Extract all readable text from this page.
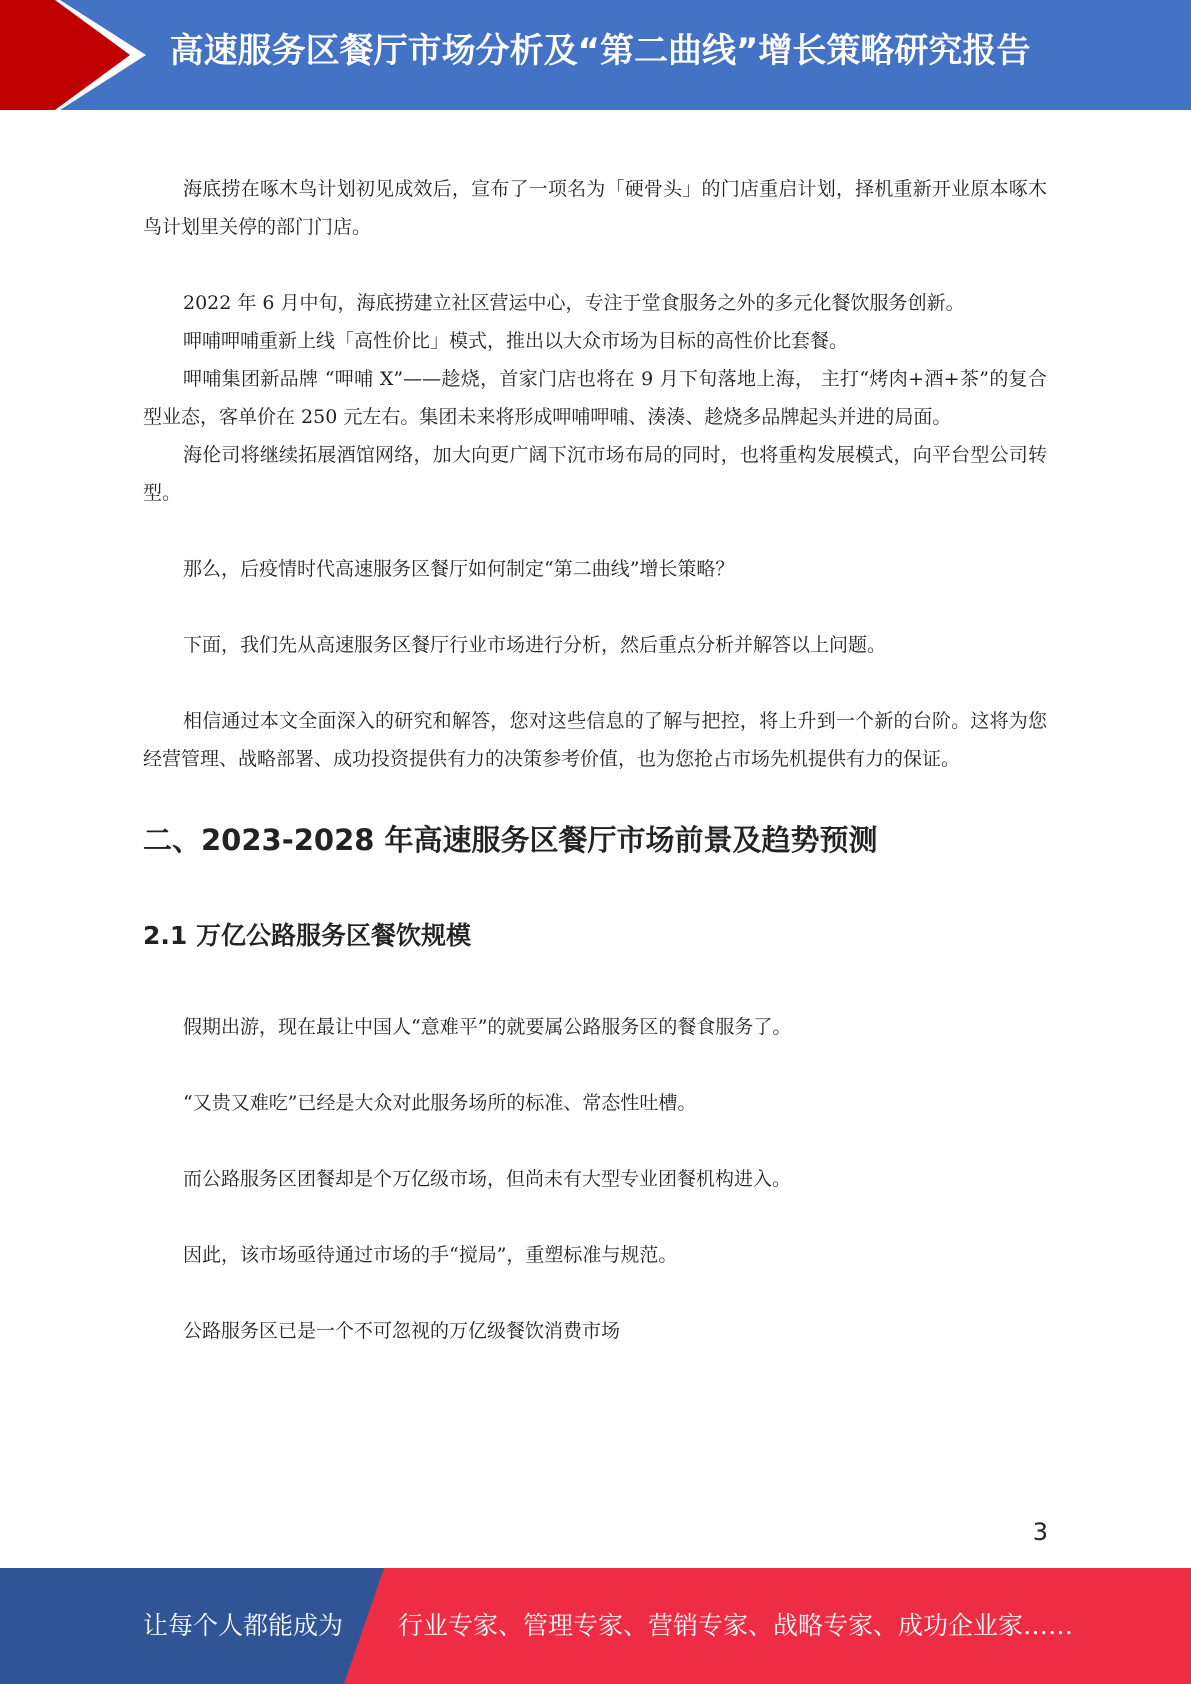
高速服务区餐厅市场分析及“第二曲线”增长策略研究报告

海底捞在啄木鸟计划初见成效后，宣布了一项名为「硬骨头」的门店重启计划，择机重新开业原本啄木鸟计划里关停的部门门店。

2022 年 6 月中旬，海底捞建立社区营运中心，专注于堂食服务之外的多元化餐饮服务创新。

呷哺呷哺重新上线「高性价比」模式，推出以大众市场为目标的高性价比套餐。

呷哺集团新品牌 “呷哺 X”——趁烧，首家门店也将在 9 月下旬落地上海， 主打“烤肉+酒+茶”的复合型业态，客单价在 250 元左右。集团未来将形成呷哺呷哺、湊湊、趁烧多品牌起头并进的局面。

海伦司将继续拓展酒馆网络，加大向更广阔下沉市场布局的同时，也将重构发展模式，向平台型公司转型。

那么，后疫情时代高速服务区餐厅如何制定“第二曲线”增长策略？

下面，我们先从高速服务区餐厅行业市场进行分析，然后重点分析并解答以上问题。

相信通过本文全面深入的研究和解答，您对这些信息的了解与把控，将上升到一个新的台阶。这将为您经营管理、战略部署、成功投资提供有力的决策参考价值，也为您抢占市场先机提供有力的保证。

二、2023-2028 年高速服务区餐厅市场前景及趋势预测
2.1 万亿公路服务区餐饮规模

假期出游，现在最让中国人“意难平”的就要属公路服务区的餐食服务了。

“又贵又难吃”已经是大众对此服务场所的标准、常态性吐槽。

而公路服务区团餐却是个万亿级市场，但尚未有大型专业团餐机构进入。

因此，该市场亟待通过市场的手“搅局”，重塑标准与规范。

公路服务区已是一个不可忽视的万亿级餐饮消费市场

3
让每个人都能成为 行业专家、管理专家、营销专家、战略专家、成功企业家……
